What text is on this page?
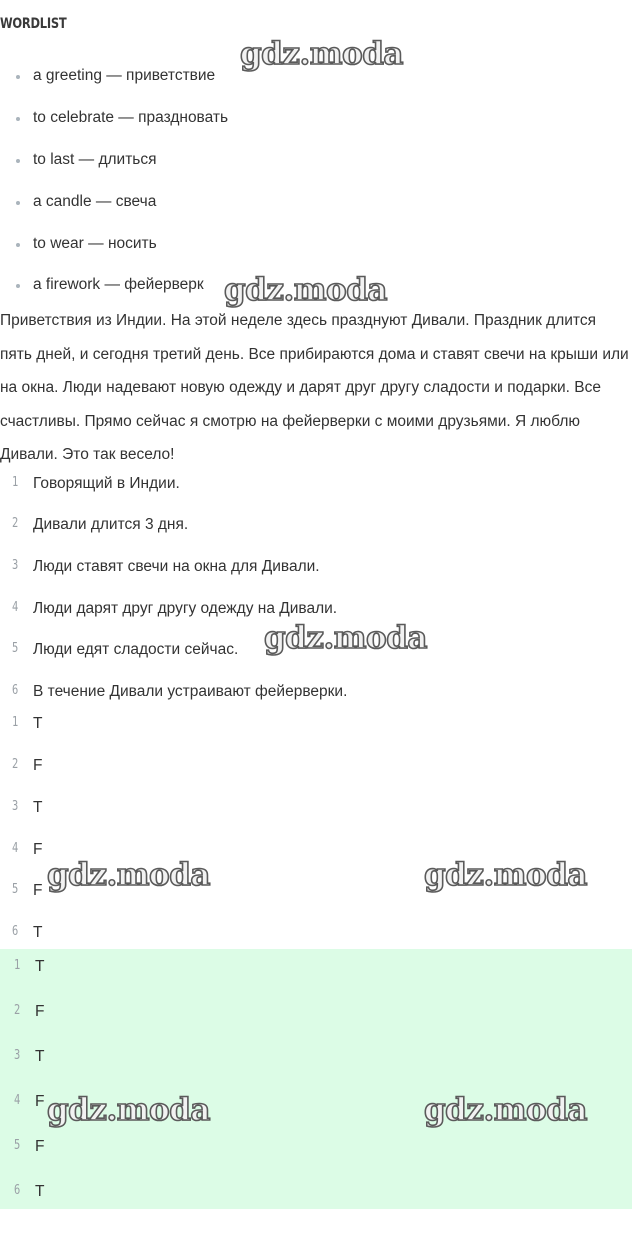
WORDLIST
a greeting — приветствие
to celebrate — праздновать
to last — длиться
a candle — свеча
to wear — носить
a firework — фейерверк

Приветствия из Индии. На этой неделе здесь празднуют Дивали. Праздник длится пять дней, и сегодня третий день. Все прибираются дома и ставят свечи на крыши или на окна. Люди надевают новую одежду и дарят друг другу сладости и подарки. Все счастливы. Прямо сейчас я смотрю на фейерверки с моими друзьями. Я люблю Дивали. Это так весело!

1 Говорящий в Индии.
2 Дивали длится 3 дня.
3 Люди ставят свечи на окна для Дивали.
4 Люди дарят друг другу одежду на Дивали.
5 Люди едят сладости сейчас.
6 В течение Дивали устраивают фейерверки.
1 T
2 F
3 T
4 F
5 F
6 T
1 T
2 F
3 T
4 F
5 F
6 T
gdz.moda
gdz.moda
gdz.moda
gdz.moda	gdz.moda
gdz.moda	gdz.moda
